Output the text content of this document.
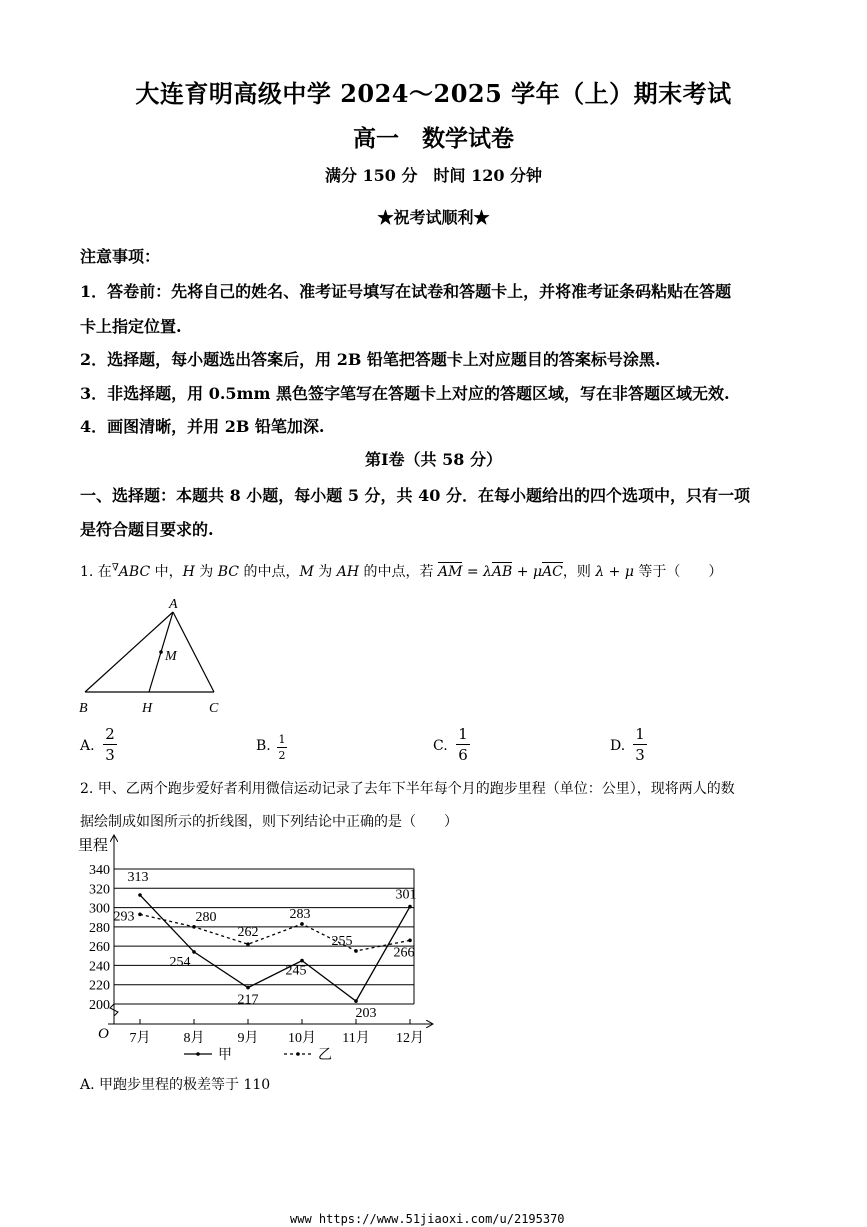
大连育明高级中学 2024～2025 学年（上）期末考试
高一　数学试卷
满分 150 分　时间 120 分钟
★祝考试顺利★
注意事项：
1．答卷前：先将自己的姓名、准考证号填写在试卷和答题卡上，并将准考证条码粘贴在答题
卡上指定位置.
2．选择题，每小题选出答案后，用 2B 铅笔把答题卡上对应题目的答案标号涂黑.
3．非选择题，用 0.5mm 黑色签字笔写在答题卡上对应的答题区域，写在非答题区域无效.
4．画图清晰，并用 2B 铅笔加深.
第Ⅰ卷（共 58 分）
一、选择题：本题共 8 小题，每小题 5 分，共 40 分．在每小题给出的四个选项中，只有一项
是符合题目要求的.
1. 在∇ABC 中，H 为 BC 的中点，M 为 AH 的中点，若 AM = λAB + μAC，则 λ + μ 等于（　　）
A
M
B	H	C
A.
2
3	B. 1
2
C.
1
6	D.
1
3
2. 甲、乙两个跑步爱好者利用微信运动记录了去年下半年每个月的跑步里程（单位：公里），现将两人的数
据绘制成如图所示的折线图，则下列结论中正确的是（　　）
里程
O
200
220
240
260
280
300
320
340
7月 8月 9月 10月 11月 12月
313
254
217
245
203
301
293	280
262
283
255
266
甲	乙
A. 甲跑步里程的极差等于 110
www https://www.51jiaoxi.com/u/2195370
